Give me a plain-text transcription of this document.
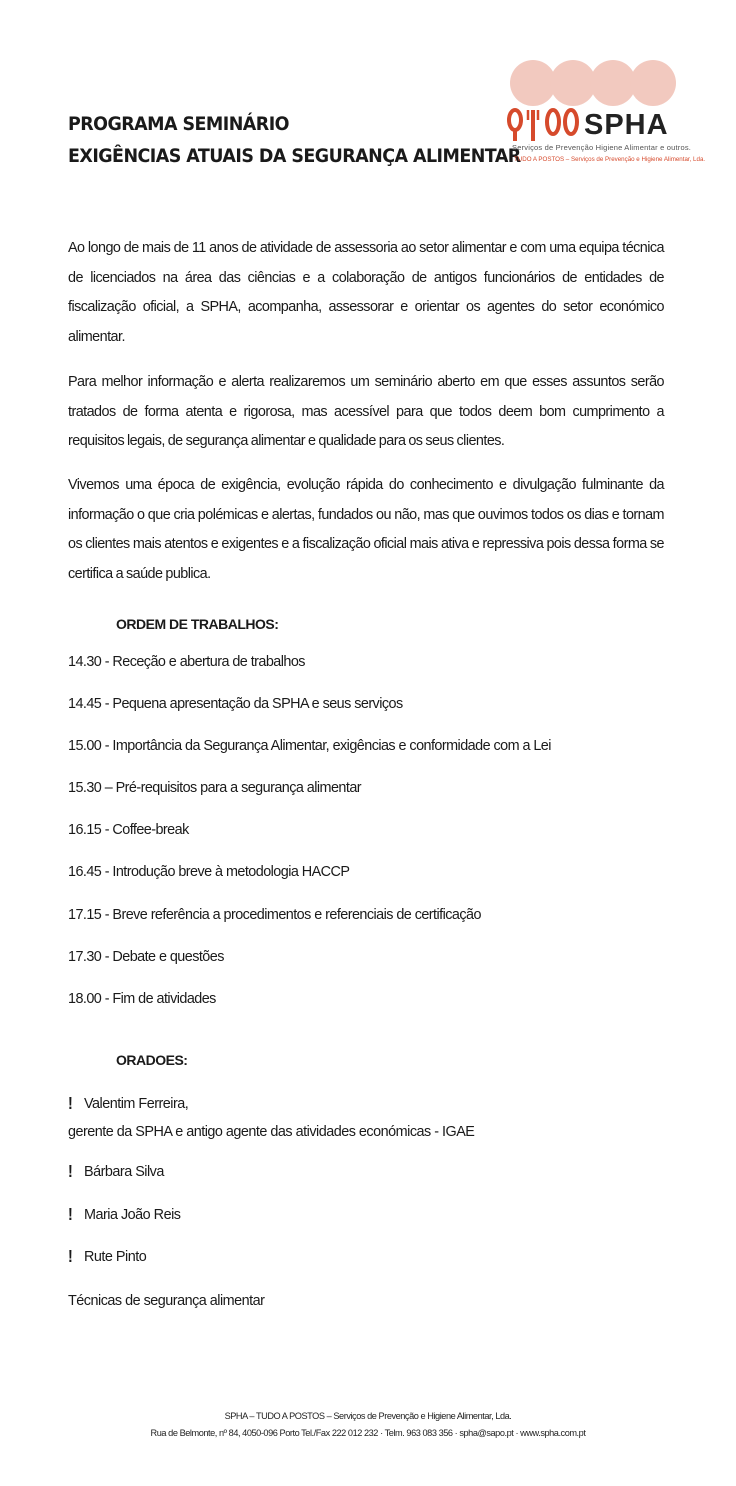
PROGRAMA SEMINÁRIO
EXIGÊNCIAS ATUAIS DA SEGURANÇA ALIMENTAR
SPHA
Serviços de Prevenção Higiene Alimentar e outros.
TUDO A POSTOS – Serviços de Prevenção e Higiene Alimentar, Lda.

Ao longo de mais de 11 anos de atividade de assessoria ao setor alimentar e com uma equipa técnica de licenciados na área das ciências e a colaboração de antigos funcionários de entidades de fiscalização oficial, a SPHA, acompanha, assessorar e orientar os agentes do setor económico alimentar.

Para melhor informação e alerta realizaremos um seminário aberto em que esses assuntos serão tratados de forma atenta e rigorosa, mas acessível para que todos deem bom cumprimento a requisitos legais, de segurança alimentar e qualidade para os seus clientes.

Vivemos uma época de exigência, evolução rápida do conhecimento e divulgação fulminante da informação o que cria polémicas e alertas, fundados ou não, mas que ouvimos todos os dias e tornam os clientes mais atentos e exigentes e a fiscalização oficial mais ativa e repressiva pois dessa forma se certifica a saúde publica.

ORDEM DE TRABALHOS:
14.30 - Receção e abertura de trabalhos
14.45 - Pequena apresentação da SPHA e seus serviços
15.00 - Importância da Segurança Alimentar, exigências e conformidade com a Lei
15.30 – Pré-requisitos para a segurança alimentar
16.15 - Coffee-break
16.45 - Introdução breve à metodologia HACCP
17.15 - Breve referência a procedimentos e referenciais de certificação
17.30 - Debate e questões
18.00 - Fim de atividades
ORADOES:
! Valentim Ferreira,
gerente da SPHA e antigo agente das atividades económicas - IGAE
! Bárbara Silva
! Maria João Reis
! Rute Pinto
Técnicas de segurança alimentar
SPHA – TUDO A POSTOS – Serviços de Prevenção e Higiene Alimentar, Lda.
Rua de Belmonte, nº 84, 4050-096 Porto Tel./Fax 222 012 232 · Telm. 963 083 356 · spha@sapo.pt · www.spha.com.pt
